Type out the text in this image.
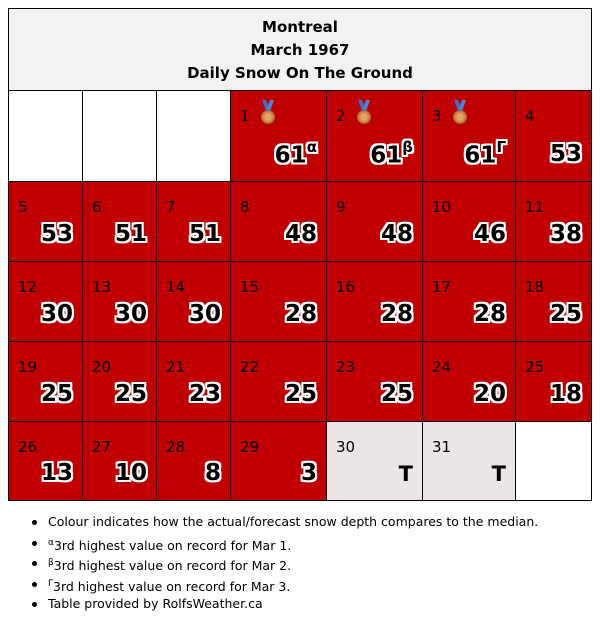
Montreal
March 1967
Daily Snow On The Ground
1
$61^\alpha$
2
$61^\beta$
3
$61^\Gamma$
4
53
5
53
6
51
7
51
8
48
9
48
10
46
11
38
12
30
13
30
14
30
15
28
16
28
17
28
18
25
19
25
20
25
21
23
22
25
23
25
24
20
25
18
26
13
27
10
28
8
29
3
30
T
31
T
Colour indicates how the actual/forecast snow depth compares to the median.
$^\alpha$3rd highest value on record for Mar 1.
$^\beta$3rd highest value on record for Mar 2.
$^\Gamma$3rd highest value on record for Mar 3.
Table provided by RolfsWeather.ca
